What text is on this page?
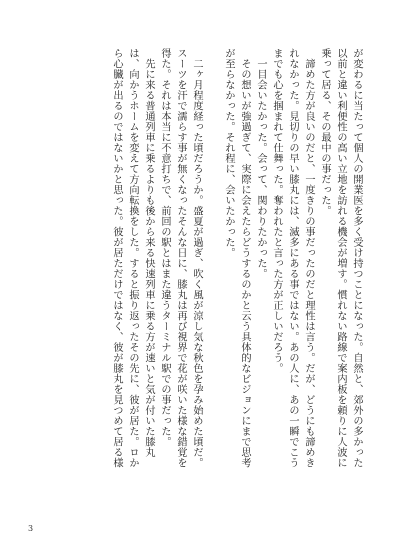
が変わるに当たって個人の開業医を多く受け持つことになった。自然と、郊外の多かった
以前と違い利便性の高い立地を訪れる機会が増す。慣れない路線で案内板を頼りに人波に
乗って居る、その最中の事だった。
　諦めた方が良いのだと、一度きりの事だったのだと理性は言う。だが、どうにも諦めき
れなかった。見切りの早い膝丸には、滅多にある事ではない。あの人に、あの一瞬でこう
までも心を掴まれて仕舞った。奪われたと言った方が正しいだろう。
　一目会いたかった。会って、関わりたかった。
　その想いが強過ぎて、実際に会えたらどうするのかと云う具体的なビジョンにまで思考
が至らなかった。それ程に、会いたかった。
　二ヶ月程度経った頃だろうか。盛夏が過ぎ、吹く風が涼し気な秋色を孕み始めた頃だ。
スーツを汗で濡らす事が無くなったそんな日に、膝丸は再び視界で花が咲いた様な錯覚を
得た。それは本当に不意打ちで、前回の駅とはまた違うターミナル駅での事だった。
　先に来る普通列車に乗るよりも後から来る快速列車に乗る方が速いと気が付いた膝丸
は、向かうホームを変えて方向転換をした。すると振り返ったその先に、彼が居た。ロか
ら心臓が出るのではないかと思った。彼が居ただけではなく、彼が膝丸を見つめて居る様
3
